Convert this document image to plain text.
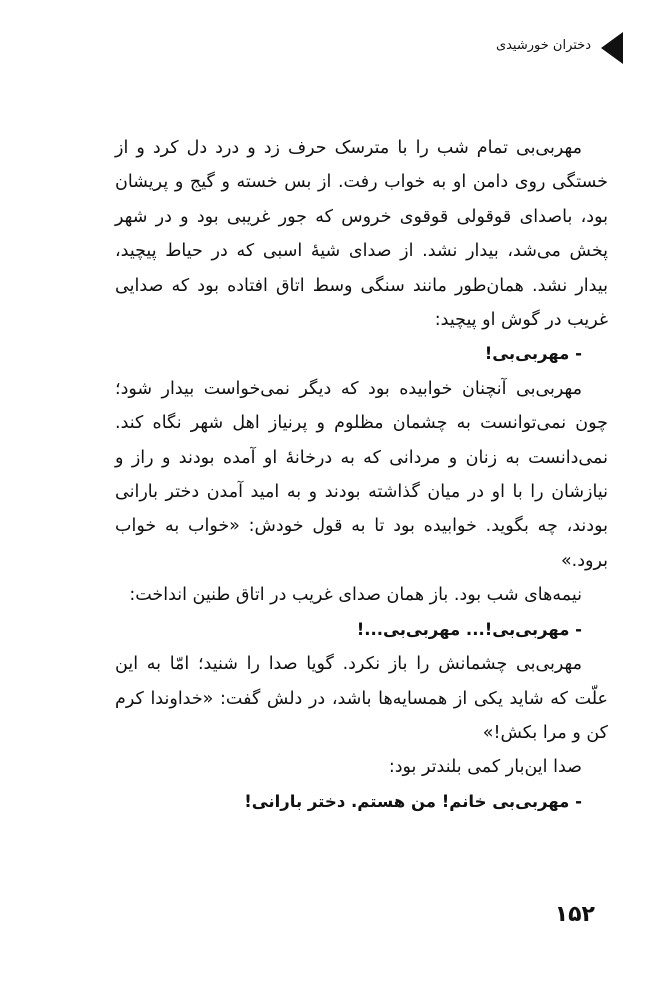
دختران خورشیدی

مهربی‌بی تمام شب را با مترسک حرف زد و درد دل کرد و از خستگی روی دامن او به خواب رفت. از بس خسته و گیج و پریشان بود، باصدای قوقولی قوقوی خروس که جور غریبی بود و در شهر پخش می‌شد، بیدار نشد. از صدای شیهٔ اسبی که در حیاط پیچید، بیدار نشد. همان‌طور مانند سنگی وسط اتاق افتاده بود که صدایی غریب در گوش او پیچید:

- مهربی‌بی!

مهربی‌بی آنچنان خوابیده بود که دیگر نمی‌خواست بیدار شود؛ چون نمی‌توانست به چشمان مظلوم و پرنیاز اهل شهر نگاه کند. نمی‌دانست به زنان و مردانی که به درخانهٔ او آمده بودند و راز و نیازشان را با او در میان گذاشته بودند و به امید آمدن دختر بارانی بودند، چه بگوید. خوابیده بود تا به قول خودش: «خواب به خواب برود.»

نیمه‌های شب بود. باز همان صدای غریب در اتاق طنین انداخت:

- مهربی‌بی!... مهربی‌بی...!

مهربی‌بی چشمانش را باز نکرد. گویا صدا را شنید؛ امّا به این علّت که شاید یکی از همسایه‌ها باشد، در دلش گفت: «خداوندا کرم کن و مرا بکش!»

صدا این‌بار کمی بلندتر بود:

- مهربی‌بی خانم! من هستم. دختر بارانی!

۱۵۲
